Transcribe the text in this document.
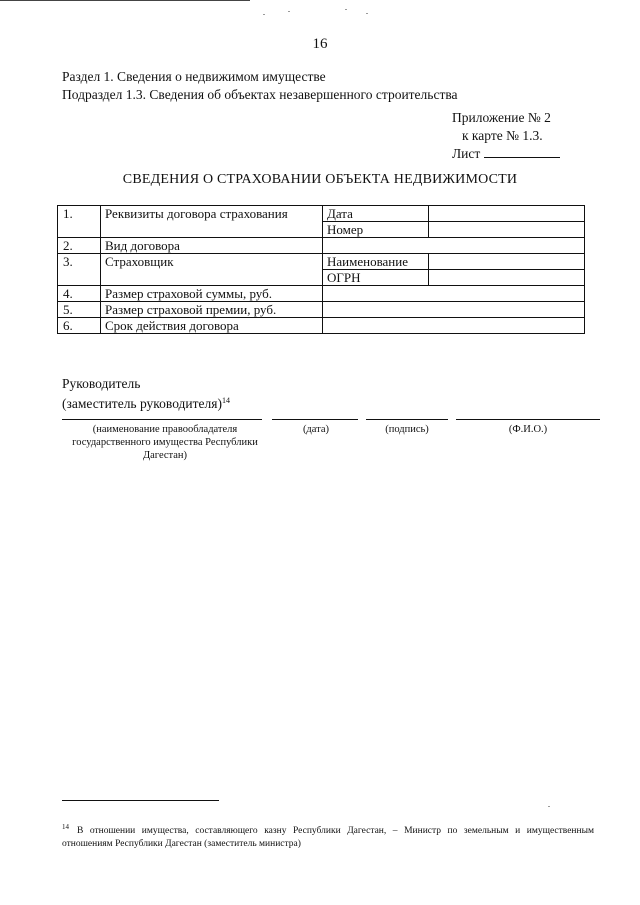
16
Раздел 1. Сведения о недвижимом имуществе
Подраздел 1.3. Сведения об объектах незавершенного строительства
Приложение № 2
к карте № 1.3.
Лист
СВЕДЕНИЯ О СТРАХОВАНИИ ОБЪЕКТА НЕДВИЖИМОСТИ
1.	Реквизиты договора страхования	Дата	
		Номер	
2.	Вид договора		
3.	Страховщик	Наименование	
		ОГРН	
4.	Размер страховой суммы, руб.		
5.	Размер страховой премии, руб.		
6.	Срок действия договора		
Руководитель
(заместитель руководителя)$^{14}$
(наименование правообладателя государственного имущества Республики Дагестан)
(дата)	(подпись)	(Ф.И.О.)
$^{14}$ В отношении имущества, составляющего казну Республики Дагестан, – Министр по земельным и имущественным отношениям Республики Дагестан (заместитель министра)
